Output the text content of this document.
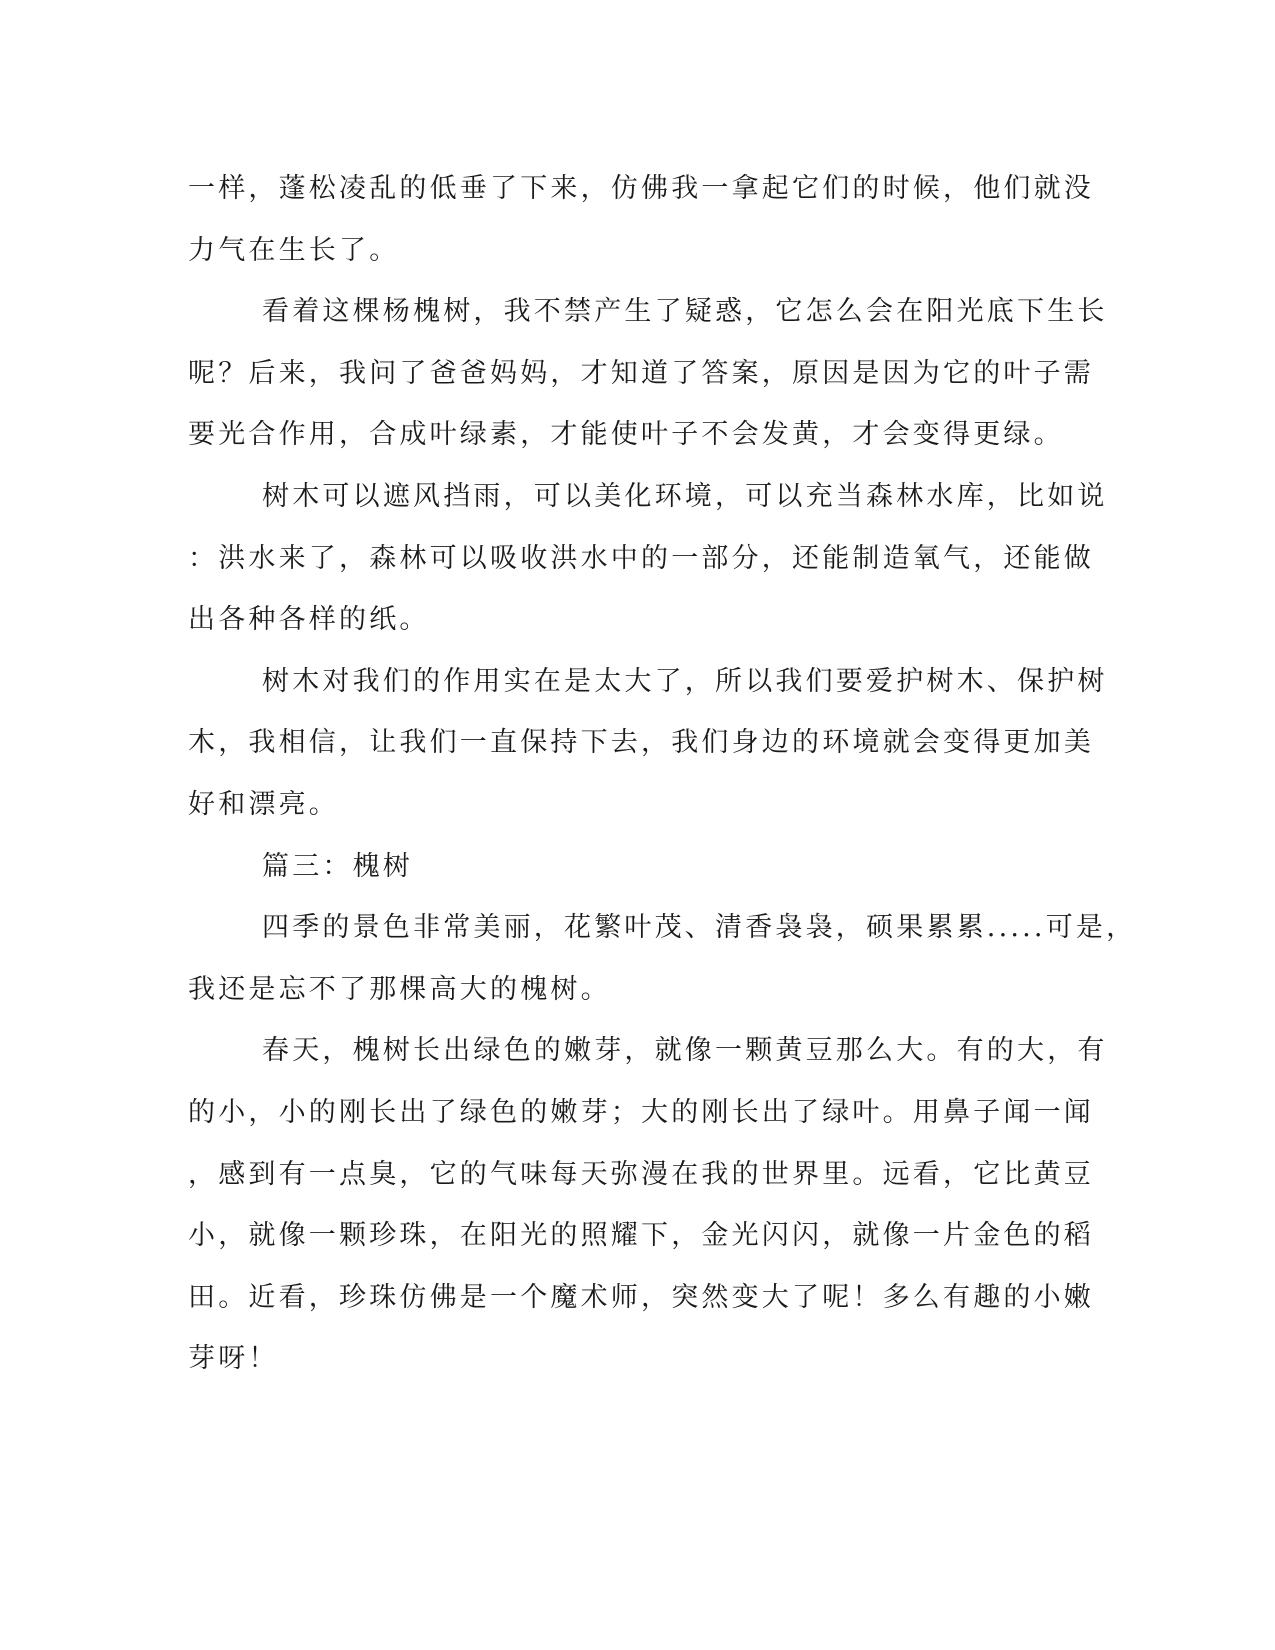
一样，蓬松凌乱的低垂了下来，仿佛我一拿起它们的时候，他们就没
力气在生长了。
看着这棵杨槐树，我不禁产生了疑惑，它怎么会在阳光底下生长
呢？后来，我问了爸爸妈妈，才知道了答案，原因是因为它的叶子需
要光合作用，合成叶绿素，才能使叶子不会发黄，才会变得更绿。
树木可以遮风挡雨，可以美化环境，可以充当森林水库，比如说
：洪水来了，森林可以吸收洪水中的一部分，还能制造氧气，还能做
出各种各样的纸。
树木对我们的作用实在是太大了，所以我们要爱护树木、保护树
木，我相信，让我们一直保持下去，我们身边的环境就会变得更加美
好和漂亮。
篇三：槐树
四季的景色非常美丽，花繁叶茂、清香袅袅，硕果累累.....可是，
我还是忘不了那棵高大的槐树。
春天，槐树长出绿色的嫩芽，就像一颗黄豆那么大。有的大，有
的小，小的刚长出了绿色的嫩芽；大的刚长出了绿叶。用鼻子闻一闻
，感到有一点臭，它的气味每天弥漫在我的世界里。远看，它比黄豆
小，就像一颗珍珠，在阳光的照耀下，金光闪闪，就像一片金色的稻
田。近看，珍珠仿佛是一个魔术师，突然变大了呢！多么有趣的小嫩
芽呀！
